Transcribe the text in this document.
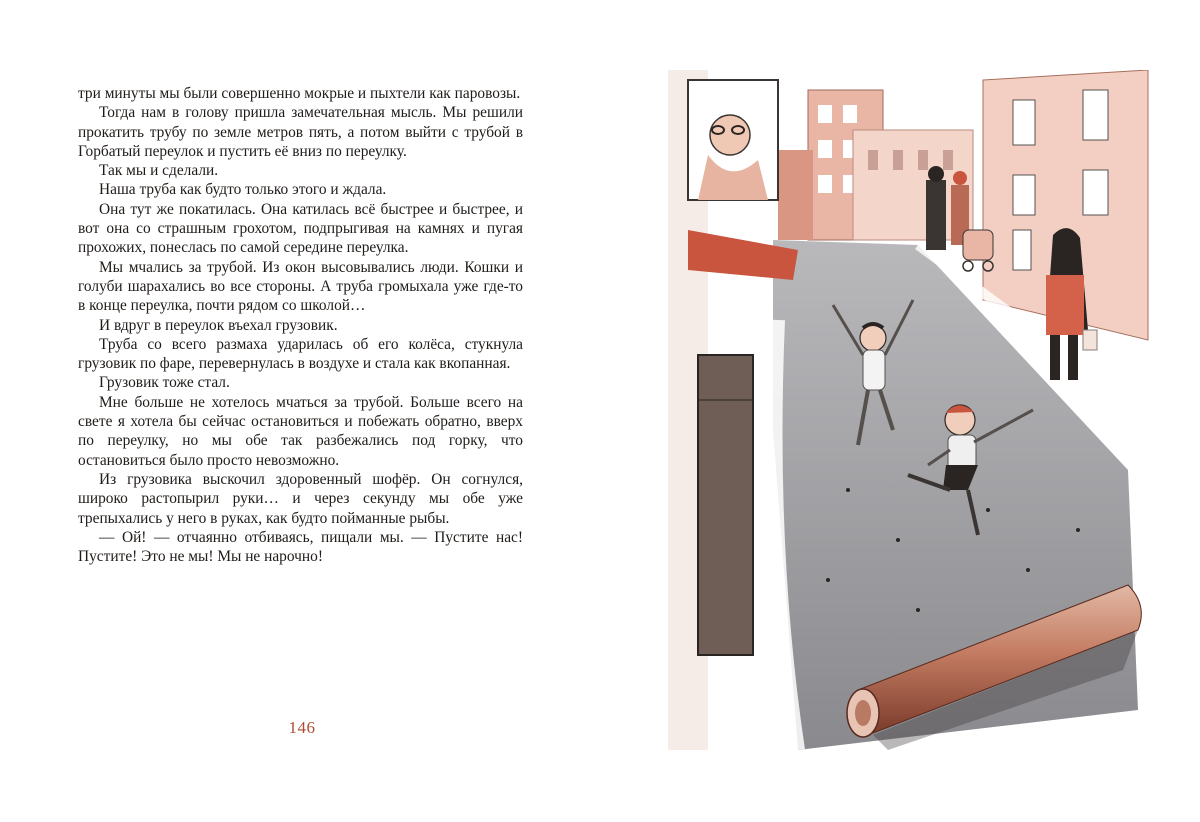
три минуты мы были совершенно мокрые и пыхтели как паровозы.

Тогда нам в голову пришла замечательная мысль. Мы решили прокатить трубу по земле метров пять, а потом выйти с трубой в Горбатый переулок и пустить её вниз по переулку.

Так мы и сделали.

Наша труба как будто только этого и ждала.

Она тут же покатилась. Она катилась всё быстрее и быстрее, и вот она со страшным грохотом, подпрыгивая на камнях и пугая прохожих, понеслась по самой середине переулка.

Мы мчались за трубой. Из окон высовывались люди. Кошки и голуби шарахались во все стороны. А труба громыхала уже где-то в конце переулка, почти рядом со школой…

И вдруг в переулок въехал грузовик.

Труба со всего размаха ударилась об его колёса, стукнула грузовик по фаре, перевернулась в воздухе и стала как вкопанная.

Грузовик тоже стал.

Мне больше не хотелось мчаться за трубой. Больше всего на свете я хотела бы сейчас остановиться и побежать обратно, вверх по переулку, но мы обе так разбежались под горку, что остановиться было просто невозможно.

Из грузовика выскочил здоровенный шофёр. Он согнулся, широко растопырил руки… и через секунду мы обе уже трепыхались у него в руках, как будто пойманные рыбы.

— Ой! — отчаянно отбиваясь, пищали мы. — Пустите нас! Пустите! Это не мы! Мы не нарочно!

146
